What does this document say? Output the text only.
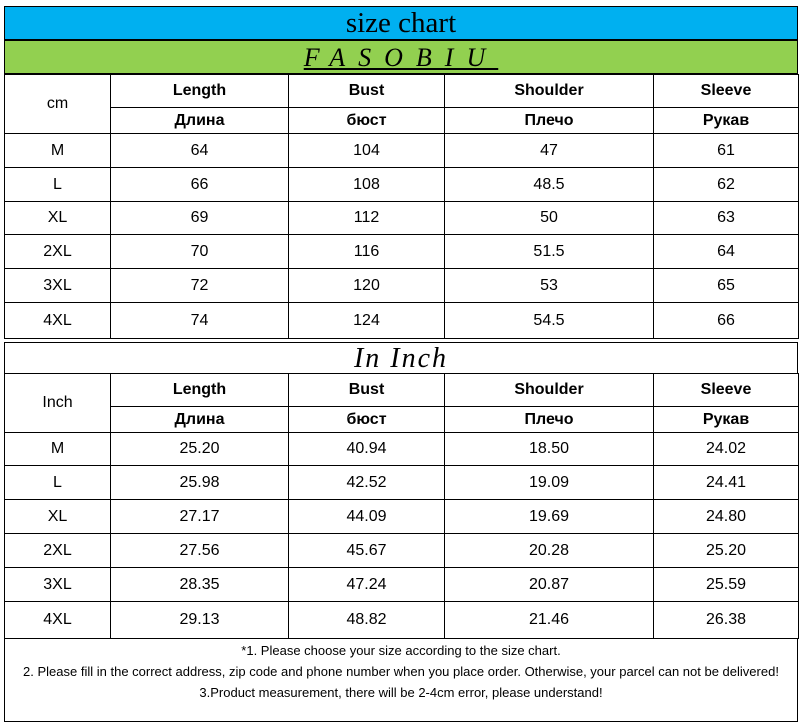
size chart
FASOBIU
cm	Length	Bust	Shoulder	Sleeve
	Длина	бюст	Плечо	Рукав
M	64	104	47	61
L	66	108	48.5	62
XL	69	112	50	63
2XL	70	116	51.5	64
3XL	72	120	53	65
4XL	74	124	54.5	66
In Inch
Inch	Length	Bust	Shoulder	Sleeve
	Длина	бюст	Плечо	Рукав
M	25.20	40.94	18.50	24.02
L	25.98	42.52	19.09	24.41
XL	27.17	44.09	19.69	24.80
2XL	27.56	45.67	20.28	25.20
3XL	28.35	47.24	20.87	25.59
4XL	29.13	48.82	21.46	26.38
*1. Please choose your size according to the size chart.
2. Please fill in the correct address, zip code and phone number when you place order. Otherwise, your parcel can not be delivered!
3.Product measurement, there will be 2-4cm error, please understand!
